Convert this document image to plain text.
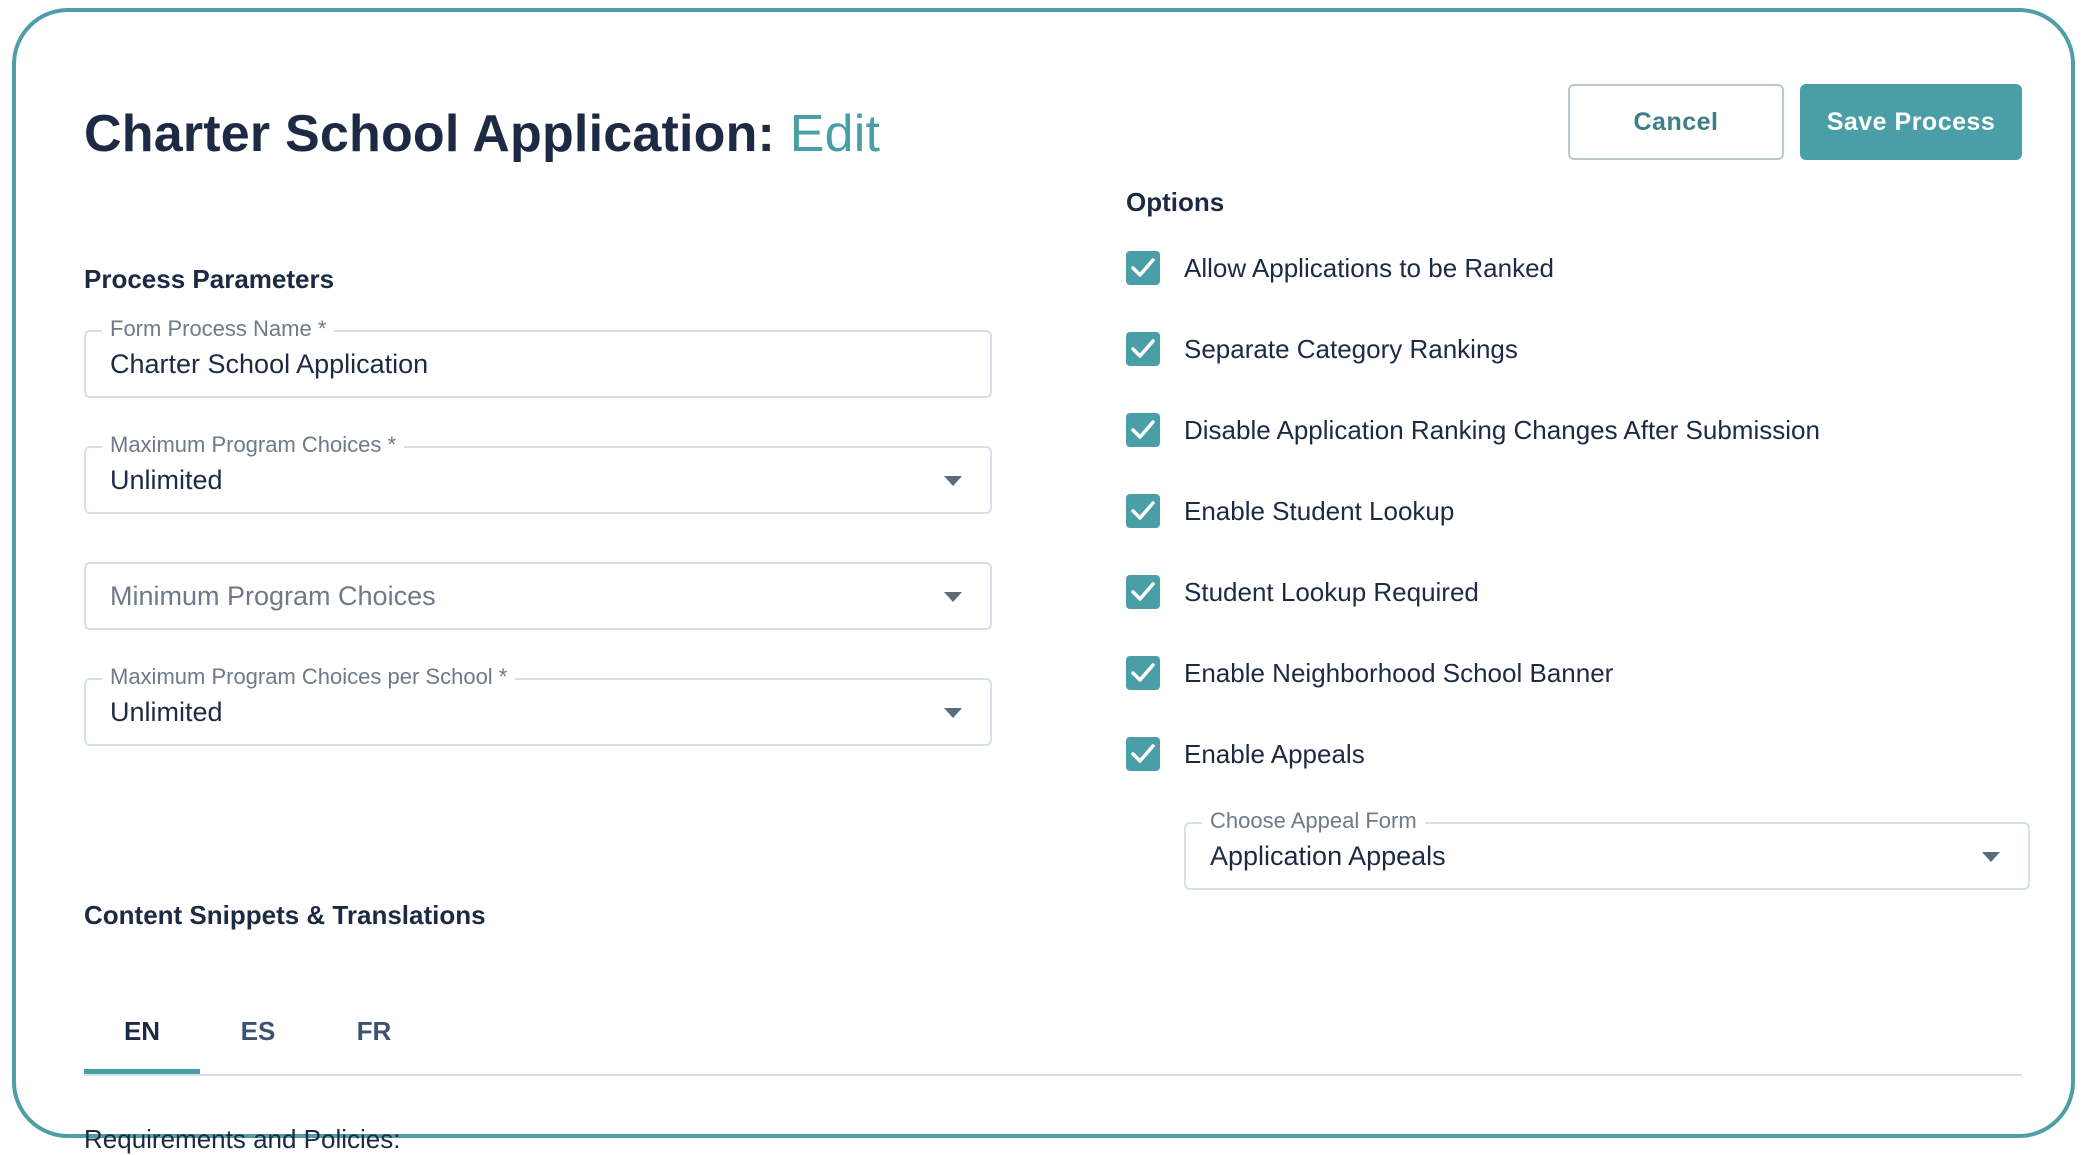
Charter School Application: Edit	Cancel	Save Process
Process Parameters
Form Process Name *
Charter School Application
Maximum Program Choices *
Unlimited
Minimum Program Choices
Maximum Program Choices per School *
Unlimited
Options
Allow Applications to be Ranked
Separate Category Rankings
Disable Application Ranking Changes After Submission
Enable Student Lookup
Student Lookup Required
Enable Neighborhood School Banner
Enable Appeals
Choose Appeal Form
Application Appeals
Content Snippets & Translations
EN	ES	FR
Requirements and Policies:
